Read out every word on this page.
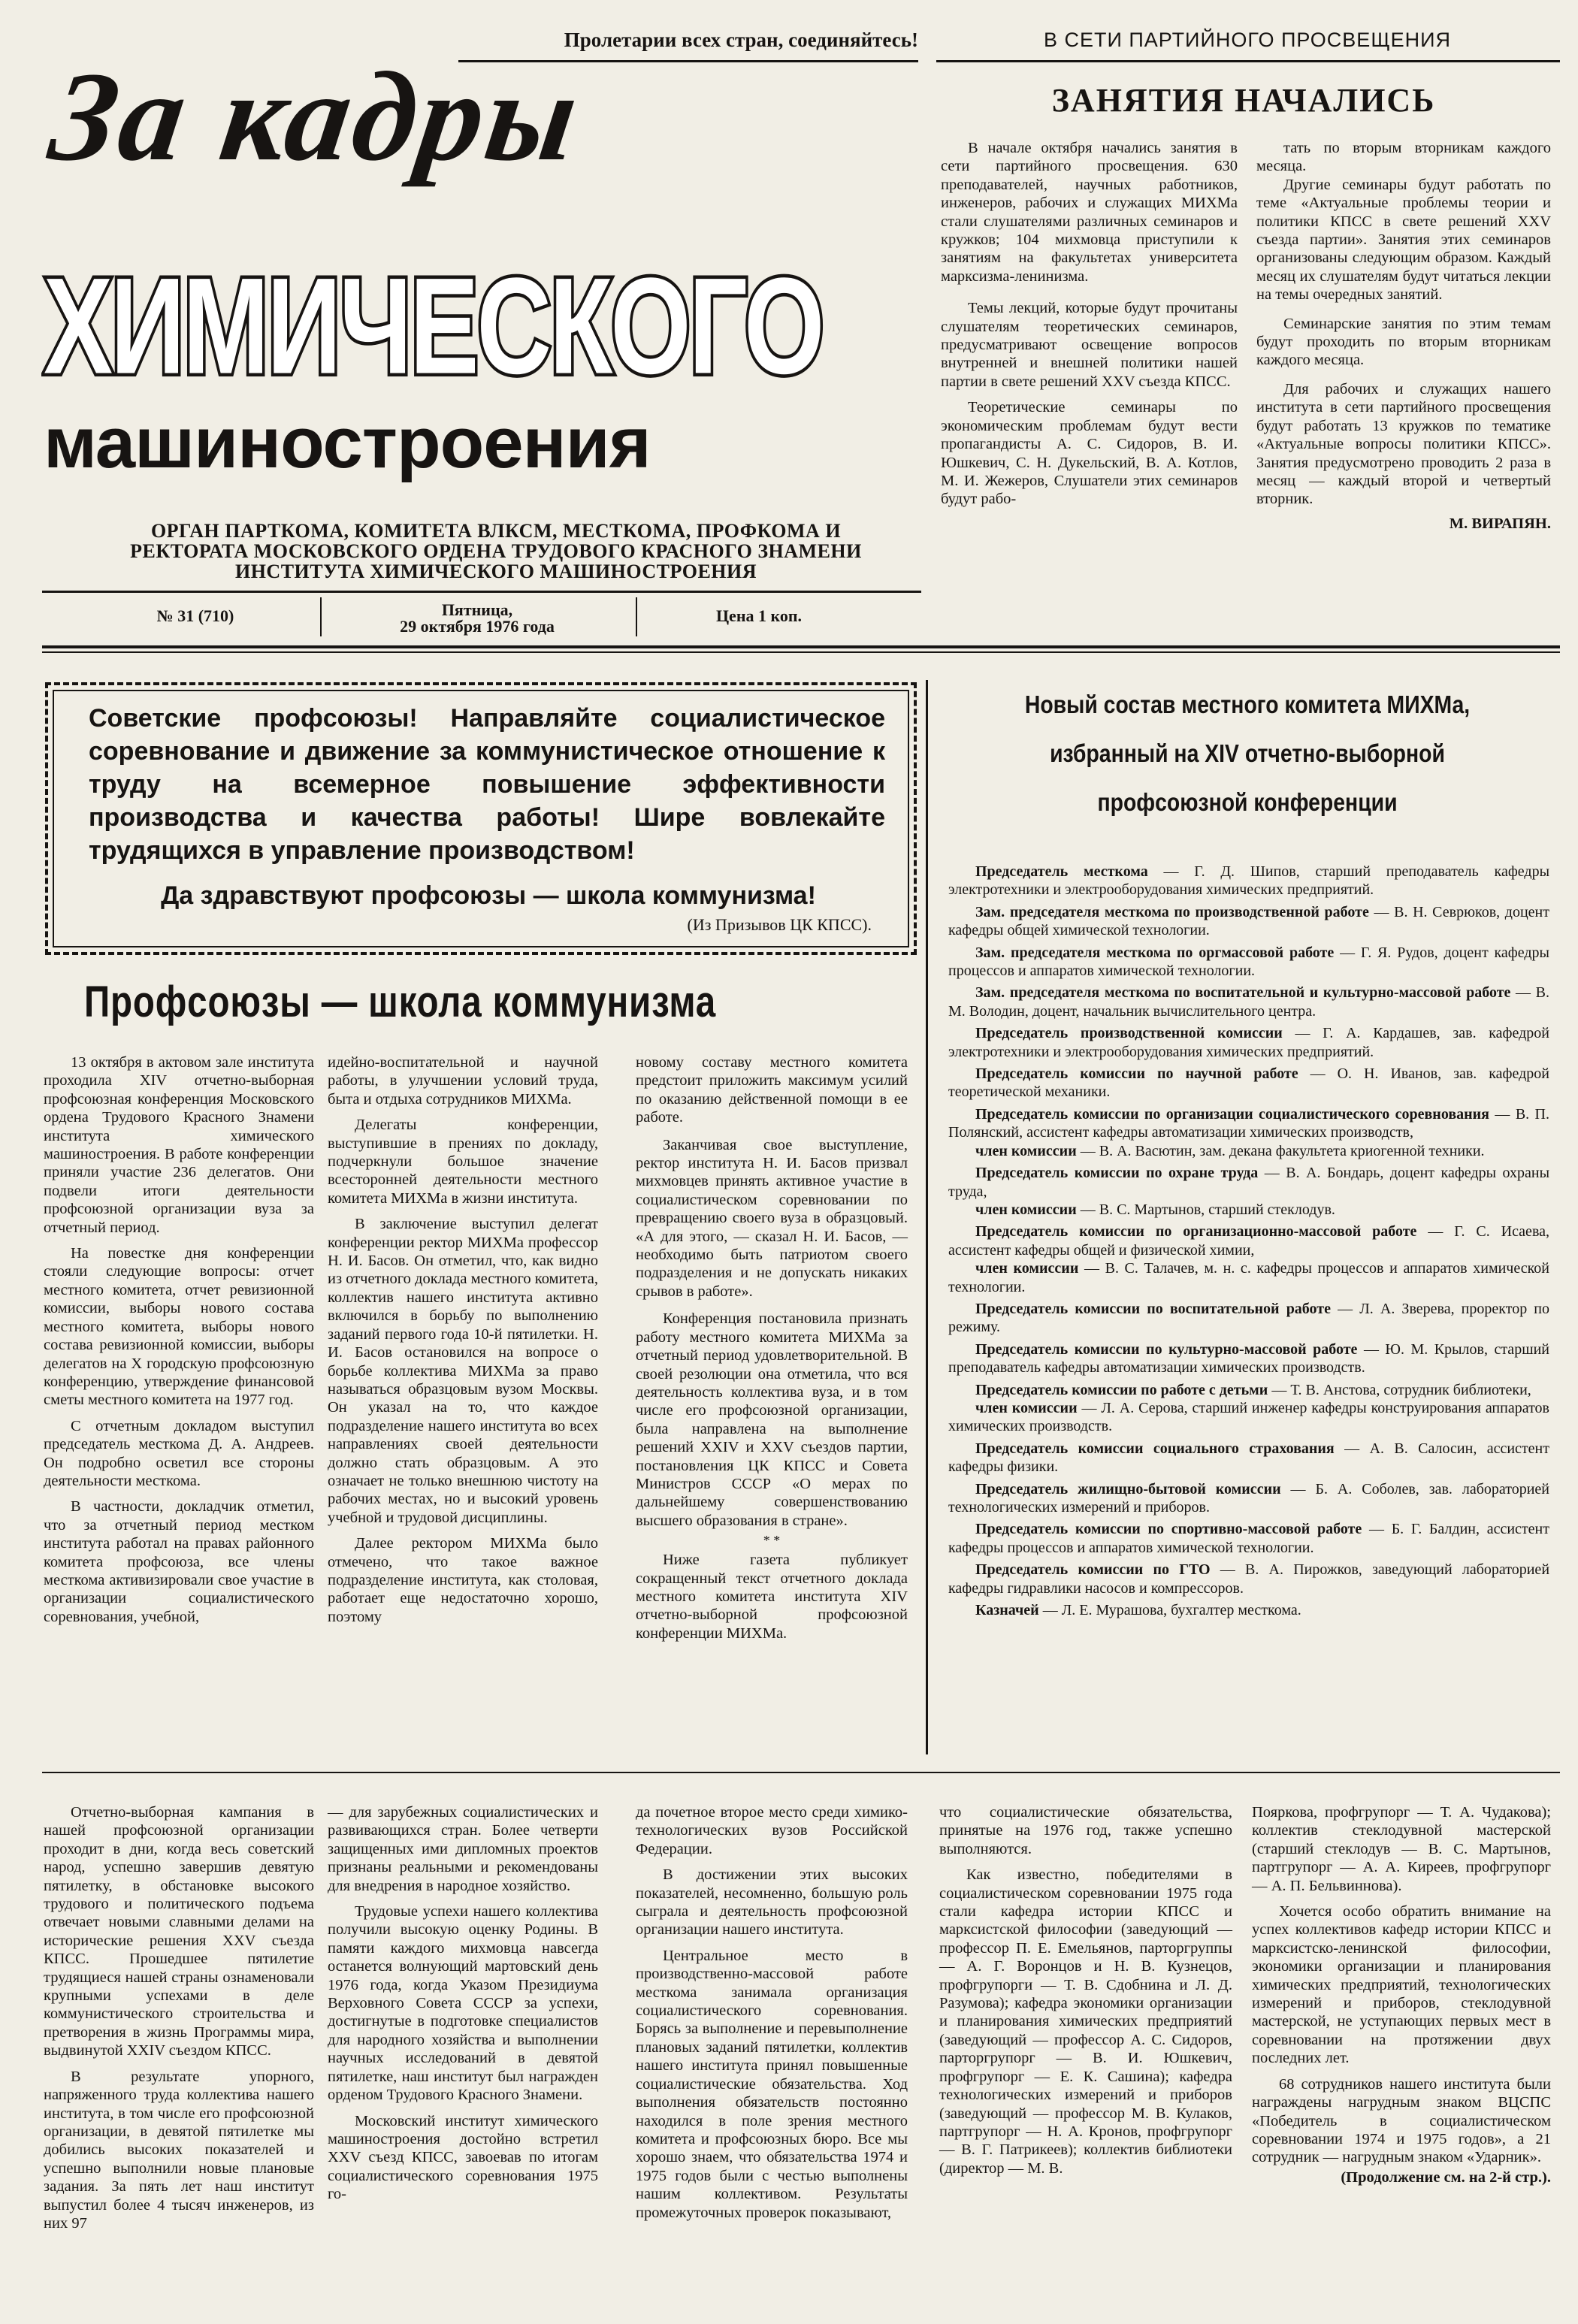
Пролетарии всех стран, соединяйтесь!
За кадры
ХИМИЧЕСКОГО
машиностроения
ОРГАН ПАРТКОМА, КОМИТЕТА ВЛКСМ, МЕСТКОМА, ПРОФКОМА И РЕКТОРАТА МОСКОВСКОГО ОРДЕНА ТРУДОВОГО КРАСНОГО ЗНАМЕНИ ИНСТИТУТА ХИМИЧЕСКОГО МАШИНОСТРОЕНИЯ
№ 31 (710)	Пятница,
29 октября 1976 года
Цена 1 коп.
В СЕТИ ПАРТИЙНОГО ПРОСВЕЩЕНИЯ
ЗАНЯТИЯ НАЧАЛИСЬ

В начале октября начались занятия в сети партийного просвещения. 630 преподавателей, научных работников, инженеров, рабочих и служащих МИХМа стали слушателями различных семинаров и кружков; 104 михмовца приступили к занятиям на факультетах университета марксизма-ленинизма.

Темы лекций, которые будут прочитаны слушателям теоретических семинаров, предусматривают освещение вопросов внутренней и внешней политики нашей партии в свете решений XXV съезда КПСС.

Теоретические семинары по экономическим проблемам будут вести пропагандисты А. С. Сидоров, В. И. Юшкевич, С. Н. Дукельский, В. А. Котлов, М. И. Жежеров, Слушатели этих семинаров будут рабо-

тать по вторым вторникам каждого месяца.

Другие семинары будут работать по теме «Актуальные проблемы теории и политики КПСС в свете решений XXV съезда партии». Занятия этих семинаров организованы следующим образом. Каждый месяц их слушателям будут читаться лекции на темы очередных занятий.

Семинарские занятия по этим темам будут проходить по вторым вторникам каждого месяца.

Для рабочих и служащих нашего института в сети партийного просвещения будут работать 13 кружков по тематике «Актуальные вопросы политики КПСС». Занятия предусмотрено проводить 2 раза в месяц — каждый второй и четвертый вторник.

М. ВИРАПЯН.

Советские профсоюзы! Направляйте социалистическое соревнование и движение за коммунистическое отношение к труду на всемерное повышение эффективности производства и качества работы! Шире вовлекайте трудящихся в управление производством!
Да здравствуют профсоюзы — школа коммунизма!
(Из Призывов ЦК КПСС).
Профсоюзы — школа коммунизма

13 октября в актовом зале института проходила XIV отчетно-выборная профсоюзная конференция Московского ордена Трудового Красного Знамени института химического машиностроения. В работе конференции приняли участие 236 делегатов. Они подвели итоги деятельности профсоюзной организации вуза за отчетный период.

На повестке дня конференции стояли следующие вопросы: отчет местного комитета, отчет ревизионной комиссии, выборы нового состава местного комитета, выборы нового состава ревизионной комиссии, выборы делегатов на X городскую профсоюзную конференцию, утверждение финансовой сметы местного комитета на 1977 год.

С отчетным докладом выступил председатель месткома Д. А. Андреев. Он подробно осветил все стороны деятельности месткома.

В частности, докладчик отметил, что за отчетный период местком института работал на правах районного комитета профсоюза, все члены месткома активизировали свое участие в организации социалистического соревнования, учебной,

идейно-воспитательной и научной работы, в улучшении условий труда, быта и отдыха сотрудников МИХМа.

Делегаты конференции, выступившие в прениях по докладу, подчеркнули большое значение всесторонней деятельности местного комитета МИХМа в жизни института.

В заключение выступил делегат конференции ректор МИХМа профессор Н. И. Басов. Он отметил, что, как видно из отчетного доклада местного комитета, коллектив нашего института активно включился в борьбу по выполнению заданий первого года 10-й пятилетки. Н. И. Басов остановился на вопросе о борьбе коллектива МИХМа за право называться образцовым вузом Москвы. Он указал на то, что каждое подразделение нашего института во всех направлениях своей деятельности должно стать образцовым. А это означает не только внешнюю чистоту на рабочих местах, но и высокий уровень учебной и трудовой дисциплины.

Далее ректором МИХМа было отмечено, что такое важное подразделение института, как столовая, работает еще недостаточно хорошо, поэтому

новому составу местного комитета предстоит приложить максимум усилий по оказанию действенной помощи в ее работе.

Заканчивая свое выступление, ректор института Н. И. Басов призвал михмовцев принять активное участие в социалистическом соревновании по превращению своего вуза в образцовый. «А для этого, — сказал Н. И. Басов, — необходимо быть патриотом своего подразделения и не допускать никаких срывов в работе».

Конференция постановила признать работу местного комитета МИХМа за отчетный период удовлетворительной. В своей резолюции она отметила, что вся деятельность коллектива вуза, и в том числе его профсоюзной организации, была направлена на выполнение решений XXIV и XXV съездов партии, постановления ЦК КПСС и Совета Министров СССР «О мерах по дальнейшему совершенствованию высшего образования в стране».

* *

Ниже газета публикует сокращенный текст отчетного доклада местного комитета института XIV отчетно-выборной профсоюзной конференции МИХМа.

Новый состав местного комитета МИХМа, избранный на XIV отчетно-выборной профсоюзной конференции

Председатель месткома — Г. Д. Шипов, старший преподаватель кафедры электротехники и электрооборудования химических предприятий.

Зам. председателя месткома по производственной работе — В. Н. Севрюков, доцент кафедры общей химической технологии.

Зам. председателя месткома по оргмассовой работе — Г. Я. Рудов, доцент кафедры процессов и аппаратов химической технологии.

Зам. председателя месткома по воспитательной и культурно-массовой работе — В. М. Володин, доцент, начальник вычислительного центра.

Председатель производственной комиссии — Г. А. Кардашев, зав. кафедрой электротехники и электрооборудования химических предприятий.

Председатель комиссии по научной работе — О. Н. Иванов, зав. кафедрой теоретической механики.

Председатель комиссии по организации социалистического соревнования — В. П. Полянский, ассистент кафедры автоматизации химических производств,

член комиссии — В. А. Васютин, зам. декана факультета криогенной техники.

Председатель комиссии по охране труда — В. А. Бондарь, доцент кафедры охраны труда,

член комиссии — В. С. Мартынов, старший стеклодув.

Председатель комиссии по организационно-массовой работе — Г. С. Исаева, ассистент кафедры общей и физической химии,

член комиссии — В. С. Талачев, м. н. с. кафедры процессов и аппаратов химической технологии.

Председатель комиссии по воспитательной работе — Л. А. Зверева, проректор по режиму.

Председатель комиссии по культурно-массовой работе — Ю. М. Крылов, старший преподаватель кафедры автоматизации химических производств.

Председатель комиссии по работе с детьми — Т. В. Анстова, сотрудник библиотеки,

член комиссии — Л. А. Серова, старший инженер кафедры конструирования аппаратов химических производств.

Председатель комиссии социального страхования — А. В. Салосин, ассистент кафедры физики.

Председатель жилищно-бытовой комиссии — Б. А. Соболев, зав. лабораторией технологических измерений и приборов.

Председатель комиссии по спортивно-массовой работе — Б. Г. Балдин, ассистент кафедры процессов и аппаратов химической технологии.

Председатель комиссии по ГТО — В. А. Пирожков, заведующий лабораторией кафедры гидравлики насосов и компрессоров.

Казначей — Л. Е. Мурашова, бухгалтер месткома.

Отчетно-выборная кампания в нашей профсоюзной организации проходит в дни, когда весь советский народ, успешно завершив девятую пятилетку, в обстановке высокого трудового и политического подъема отвечает новыми славными делами на исторические решения XXV съезда КПСС. Прошедшее пятилетие трудящиеся нашей страны ознаменовали крупными успехами в деле коммунистического строительства и претворения в жизнь Программы мира, выдвинутой XXIV съездом КПСС.

В результате упорного, напряженного труда коллектива нашего института, в том числе его профсоюзной организации, в девятой пятилетке мы добились высоких показателей и успешно выполнили новые плановые задания. За пять лет наш институт выпустил более 4 тысяч инженеров, из них 97

— для зарубежных социалистических и развивающихся стран. Более четверти защищенных ими дипломных проектов признаны реальными и рекомендованы для внедрения в народное хозяйство.

Трудовые успехи нашего коллектива получили высокую оценку Родины. В памяти каждого михмовца навсегда останется волнующий мартовский день 1976 года, когда Указом Президиума Верховного Совета СССР за успехи, достигнутые в подготовке специалистов для народного хозяйства и выполнении научных исследований в девятой пятилетке, наш институт был награжден орденом Трудового Красного Знамени.

Московский институт химического машиностроения достойно встретил XXV съезд КПСС, завоевав по итогам социалистического соревнования 1975 го-

да почетное второе место среди химико-технологических вузов Российской Федерации.

В достижении этих высоких показателей, несомненно, большую роль сыграла и деятельность профсоюзной организации нашего института.

Центральное место в производственно-массовой работе месткома занимала организация социалистического соревнования. Борясь за выполнение и перевыполнение плановых заданий пятилетки, коллектив нашего института принял повышенные социалистические обязательства. Ход выполнения обязательств постоянно находился в поле зрения местного комитета и профсоюзных бюро. Все мы хорошо знаем, что обязательства 1974 и 1975 годов были с честью выполнены нашим коллективом. Результаты промежуточных проверок показывают,

что социалистические обязательства, принятые на 1976 год, также успешно выполняются.

Как известно, победителями в социалистическом соревновании 1975 года стали кафедра истории КПСС и марксистской философии (заведующий — профессор П. Е. Емельянов, парторгруппы — А. Г. Воронцов и Н. В. Кузнецов, профгрупорги — Т. В. Сдобнина и Л. Д. Разумова); кафедра экономики организации и планирования химических предприятий (заведующий — профессор А. С. Сидоров, парторгрупорг — В. И. Юшкевич, профгрупорг — Е. К. Сашина); кафедра технологических измерений и приборов (заведующий — профессор М. В. Кулаков, партгрупорг — Н. А. Кронов, профгрупорг — В. Г. Патрикеев); коллектив библиотеки (директор — М. В.

Пояркова, профгрупорг — Т. А. Чудакова); коллектив стеклодувной мастерской (старший стеклодув — В. С. Мартынов, партгрупорг — А. А. Киреев, профгрупорг — А. П. Бельвиннова).

Хочется особо обратить внимание на успех коллективов кафедр истории КПСС и марксистско-ленинской философии, экономики организации и планирования химических предприятий, технологических измерений и приборов, стеклодувной мастерской, не уступающих первых мест в соревновании на протяжении двух последних лет.

68 сотрудников нашего института были награждены нагрудным знаком ВЦСПС «Победитель в социалистическом соревновании 1974 и 1975 годов», а 21 сотрудник — нагрудным знаком «Ударник».

(Продолжение см. на 2-й стр.).
